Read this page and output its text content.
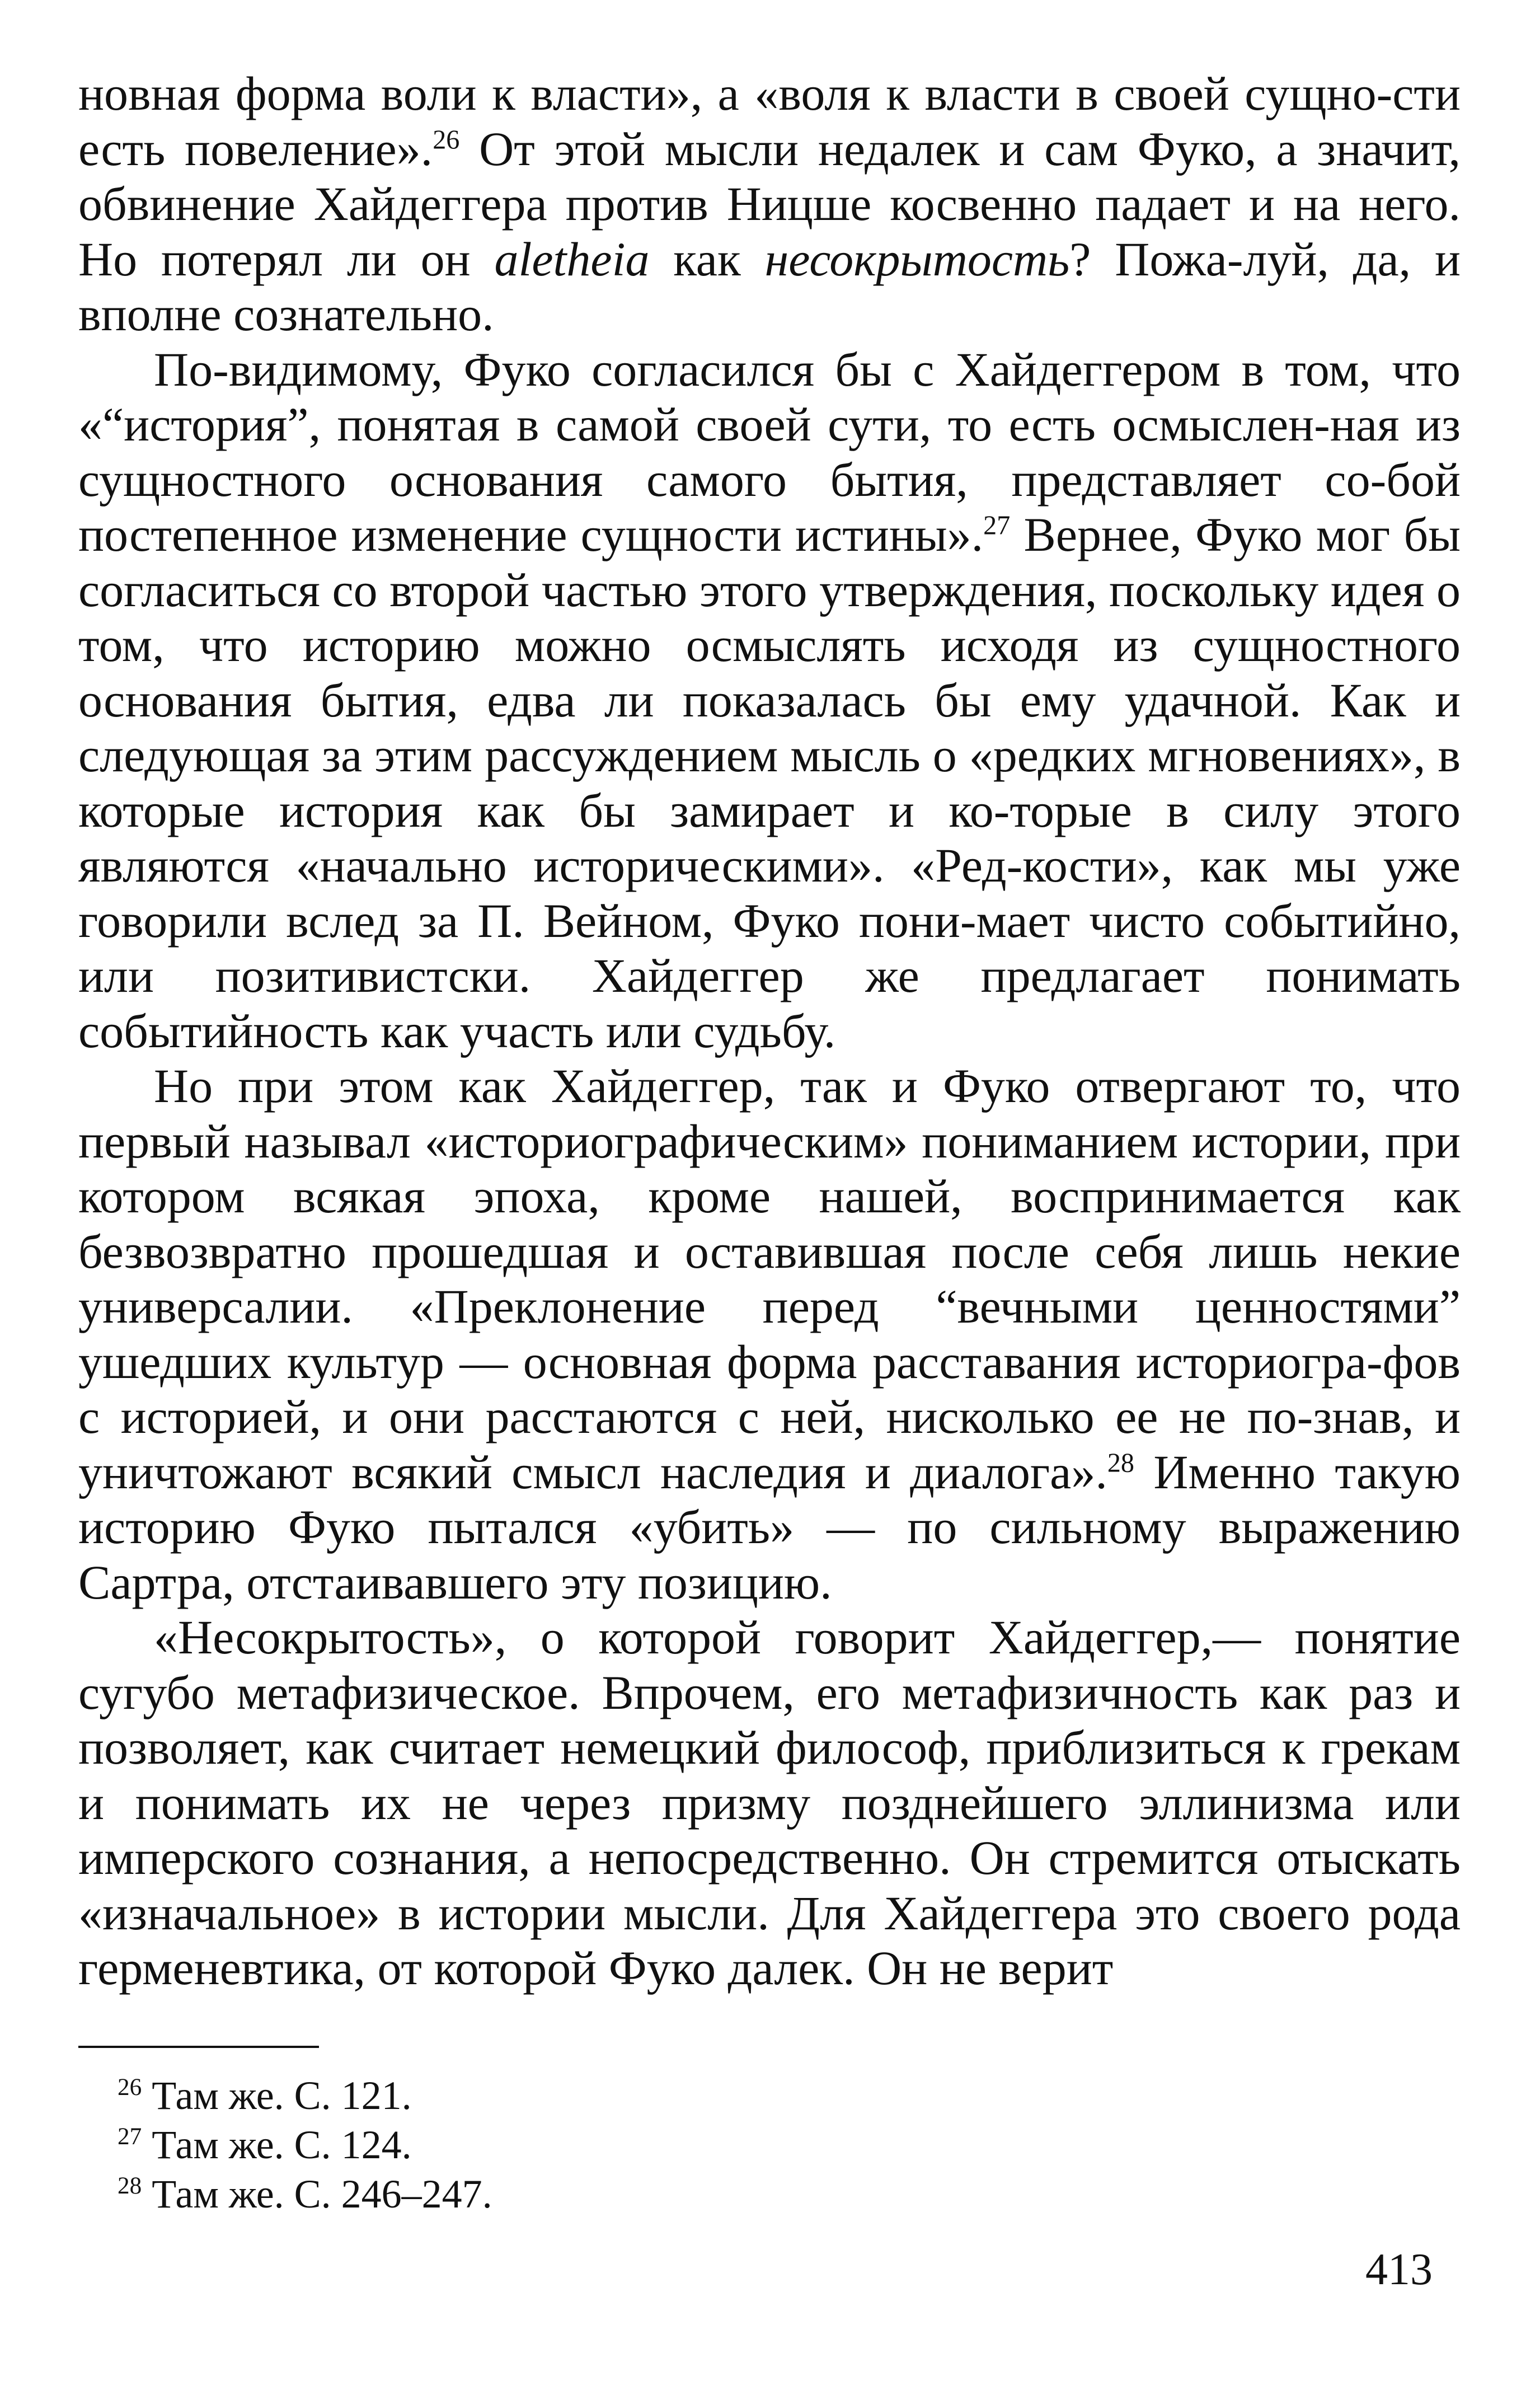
новная форма воли к власти», а «воля к власти в своей сущно-сти есть повеление».$^{26}$ От этой мысли недалек и сам Фуко, а значит, обвинение Хайдеггера против Ницше косвенно падает и на него. Но потерял ли он aletheia как несокрытость? Пожа-луй, да, и вполне сознательно.

По-видимому, Фуко согласился бы с Хайдеггером в том, что «“история”, понятая в самой своей сути, то есть осмыслен-ная из сущностного основания самого бытия, представляет со-бой постепенное изменение сущности истины».$^{27}$ Вернее, Фуко мог бы согласиться со второй частью этого утверждения, поскольку идея о том, что историю можно осмыслять исходя из сущностного основания бытия, едва ли показалась бы ему удачной. Как и следующая за этим рассуждением мысль о «редких мгновениях», в которые история как бы замирает и ко-торые в силу этого являются «начально историческими». «Ред-кости», как мы уже говорили вслед за П. Вейном, Фуко пони-мает чисто событийно, или позитивистски. Хайдеггер же предлагает понимать событийность как участь или судьбу.

Но при этом как Хайдеггер, так и Фуко отвергают то, что первый называл «историографическим» пониманием истории, при котором всякая эпоха, кроме нашей, воспринимается как безвозвратно прошедшая и оставившая после себя лишь некие универсалии. «Преклонение перед “вечными ценностями” ушедших культур — основная форма расставания историогра-фов с историей, и они расстаются с ней, нисколько ее не по-знав, и уничтожают всякий смысл наследия и диалога».$^{28}$ Именно такую историю Фуко пытался «убить» — по сильному выражению Сартра, отстаивавшего эту позицию.

«Несокрытость», о которой говорит Хайдеггер,— понятие сугубо метафизическое. Впрочем, его метафизичность как раз и позволяет, как считает немецкий философ, приблизиться к грекам и понимать их не через призму позднейшего эллинизма или имперского сознания, а непосредственно. Он стремится отыскать «изначальное» в истории мысли. Для Хайдеггера это своего рода герменевтика, от которой Фуко далек. Он не верит

$^{26}$ Там же. С. 121.
$^{27}$ Там же. С. 124.
$^{28}$ Там же. С. 246–247.
413
